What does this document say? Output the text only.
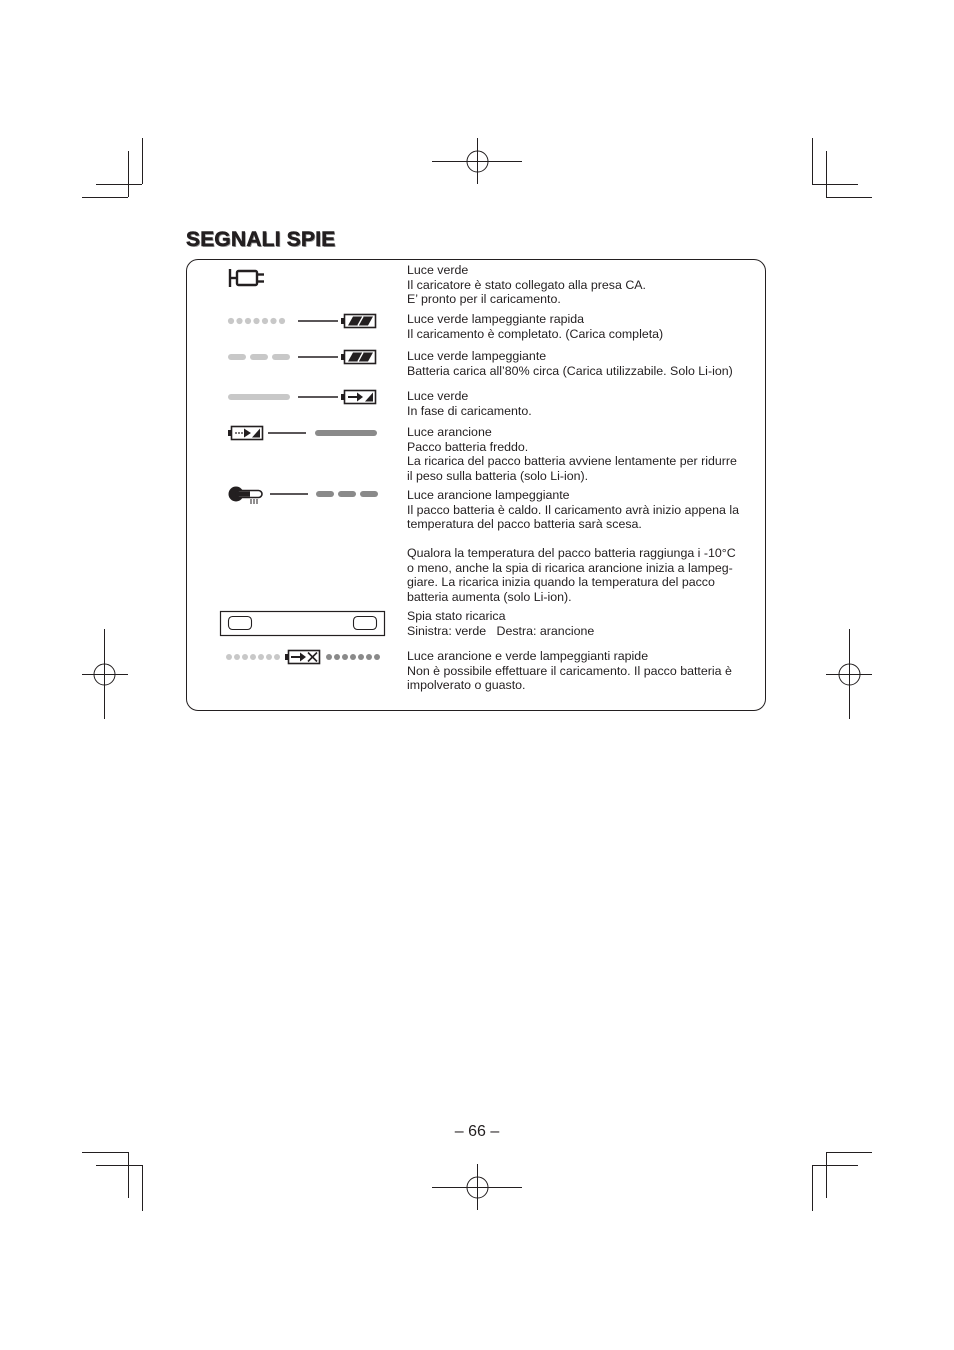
SEGNALI SPIE
Luce verde
Il caricatore è stato collegato alla presa CA.
E’ pronto per il caricamento.
Luce verde lampeggiante rapida
Il caricamento è completato. (Carica completa)
Luce verde lampeggiante
Batteria carica all’80% circa (Carica utilizzabile. Solo Li-ion)
Luce verde
In fase di caricamento.
Luce arancione
Pacco batteria freddo.
La ricarica del pacco batteria avviene lentamente per ridurre
il peso sulla batteria (solo Li-ion).
Luce arancione lampeggiante
Il pacco batteria è caldo. Il caricamento avrà inizio appena la
temperatura del pacco batteria sarà scesa.
Qualora la temperatura del pacco batteria raggiunga i -10°C
o meno, anche la spia di ricarica arancione inizia a lampeg-
giare. La ricarica inizia quando la temperatura del pacco
batteria aumenta (solo Li-ion).
Spia stato ricarica
Sinistra: verde   Destra: arancione
Luce arancione e verde lampeggianti rapide
Non è possibile effettuare il caricamento. Il pacco batteria è
impolverato o guasto.
– 66 –
